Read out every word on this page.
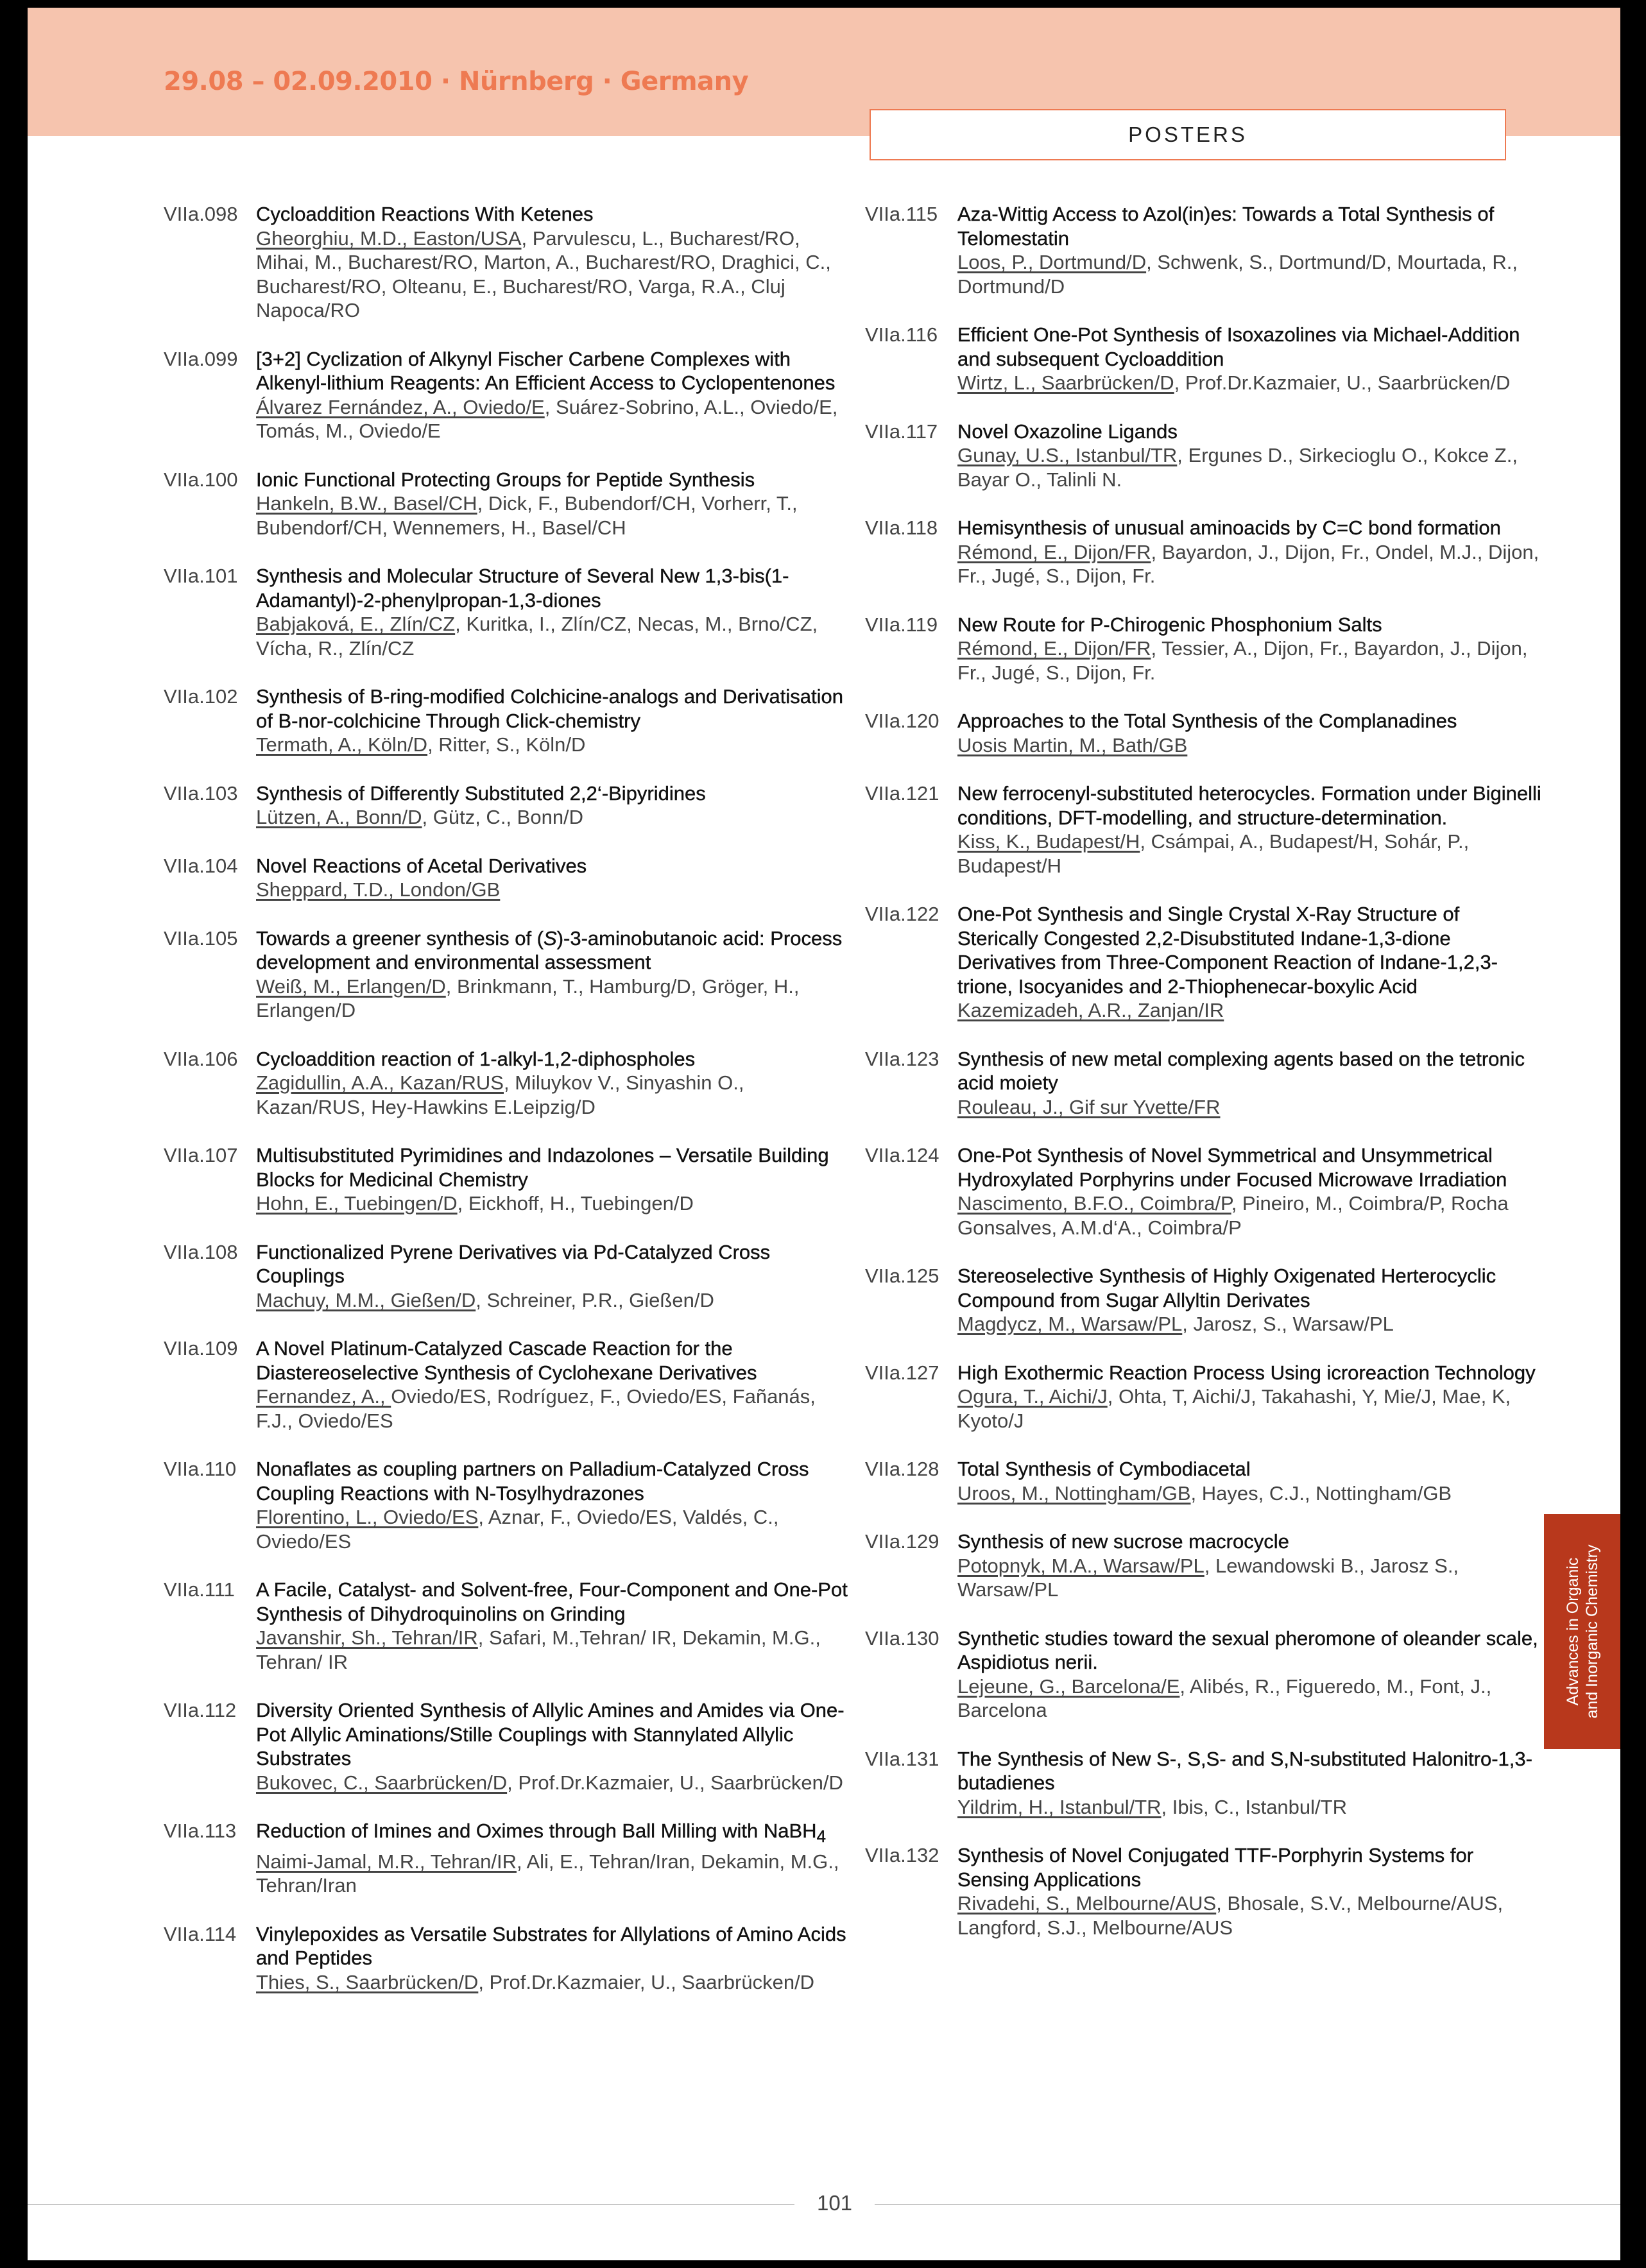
29.08 – 02.09.2010 · Nürnberg · Germany
POSTERS
VIIa.098 Cycloaddition Reactions With Ketenes
Gheorghiu, M.D., Easton/USA, Parvulescu, L., Bucharest/RO, Mihai, M., Bucharest/RO, Marton, A., Bucharest/RO, Draghici, C., Bucharest/RO, Olteanu, E., Bucharest/RO, Varga, R.A., Cluj Napoca/RO
VIIa.099 [3+2] Cyclization of Alkynyl Fischer Carbene Complexes with Alkenyl-lithium Reagents: An Efficient Access to Cyclopentenones
Álvarez Fernández, A., Oviedo/E, Suárez-Sobrino, A.L., Oviedo/E, Tomás, M., Oviedo/E
VIIa.100 Ionic Functional Protecting Groups for Peptide Synthesis
Hankeln, B.W., Basel/CH, Dick, F., Bubendorf/CH, Vorherr, T., Bubendorf/CH, Wennemers, H., Basel/CH
VIIa.101 Synthesis and Molecular Structure of Several New 1,3-bis(1-Adamantyl)-2-phenylpropan-1,3-diones
Babjaková, E., Zlín/CZ, Kuritka, I., Zlín/CZ, Necas, M., Brno/CZ, Vícha, R., Zlín/CZ
VIIa.102 Synthesis of B-ring-modified Colchicine-analogs and Derivatisation of B-nor-colchicine Through Click-chemistry
Termath, A., Köln/D, Ritter, S., Köln/D
VIIa.103 Synthesis of Differently Substituted 2,2‘-Bipyridines
Lützen, A., Bonn/D, Gütz, C., Bonn/D
VIIa.104 Novel Reactions of Acetal Derivatives
Sheppard, T.D., London/GB
VIIa.105 Towards a greener synthesis of (S)-3-aminobutanoic acid: Process development and environmental assessment
Weiß, M., Erlangen/D, Brinkmann, T., Hamburg/D, Gröger, H., Erlangen/D
VIIa.106 Cycloaddition reaction of 1-alkyl-1,2-diphospholes
Zagidullin, A.A., Kazan/RUS, Miluykov V., Sinyashin O., Kazan/RUS, Hey-Hawkins E.Leipzig/D
VIIa.107 Multisubstituted Pyrimidines and Indazolones – Versatile Building Blocks for Medicinal Chemistry
Hohn, E., Tuebingen/D, Eickhoff, H., Tuebingen/D
VIIa.108 Functionalized Pyrene Derivatives via Pd-Catalyzed Cross Couplings
Machuy, M.M., Gießen/D, Schreiner, P.R., Gießen/D
VIIa.109 A Novel Platinum-Catalyzed Cascade Reaction for the Diastereoselective Synthesis of Cyclohexane Derivatives
Fernandez, A., Oviedo/ES, Rodríguez, F., Oviedo/ES, Fañanás, F.J., Oviedo/ES
VIIa.110 Nonaflates as coupling partners on Palladium-Catalyzed Cross Coupling Reactions with N-Tosylhydrazones
Florentino, L., Oviedo/ES, Aznar, F., Oviedo/ES, Valdés, C., Oviedo/ES
VIIa.111	A Facile, Catalyst- and Solvent-free, Four-Component and One-Pot Synthesis of Dihydroquinolins on Grinding
Javanshir, Sh., Tehran/IR, Safari, M.,Tehran/ IR, Dekamin, M.G., Tehran/ IR
VIIa.112 Diversity Oriented Synthesis of Allylic Amines and Amides via One-Pot Allylic Aminations/Stille Couplings with Stannylated Allylic Substrates
Bukovec, C., Saarbrücken/D, Prof.Dr.Kazmaier, U., Saarbrücken/D
VIIa.113 Reduction of Imines and Oximes through Ball Milling with NaBH$_4$
Naimi-Jamal, M.R., Tehran/IR, Ali, E., Tehran/Iran, Dekamin, M.G., Tehran/Iran
VIIa.114 Vinylepoxides as Versatile Substrates for Allylations of Amino Acids and Peptides
Thies, S., Saarbrücken/D, Prof.Dr.Kazmaier, U., Saarbrücken/D
VIIa.115 Aza-Wittig Access to Azol(in)es: Towards a Total Synthesis of Telomestatin
Loos, P., Dortmund/D, Schwenk, S., Dortmund/D, Mourtada, R., Dortmund/D
VIIa.116 Efficient One-Pot Synthesis of Isoxazolines via Michael-Addition and subsequent Cycloaddition
Wirtz, L., Saarbrücken/D, Prof.Dr.Kazmaier, U., Saarbrücken/D
VIIa.117 Novel Oxazoline Ligands
Gunay, U.S., Istanbul/TR, Ergunes D., Sirkecioglu O., Kokce Z., Bayar O., Talinli N.
VIIa.118 Hemisynthesis of unusual aminoacids by C=C bond formation
Rémond, E., Dijon/FR, Bayardon, J., Dijon, Fr., Ondel, M.J., Dijon, Fr., Jugé, S., Dijon, Fr.
VIIa.119 New Route for P-Chirogenic Phosphonium Salts
Rémond, E., Dijon/FR, Tessier, A., Dijon, Fr., Bayardon, J., Dijon, Fr., Jugé, S., Dijon, Fr.
VIIa.120 Approaches to the Total Synthesis of the Complanadines
Uosis Martin, M., Bath/GB
VIIa.121 New ferrocenyl-substituted heterocycles. Formation under Biginelli conditions, DFT-modelling, and structure-determination.
Kiss, K., Budapest/H, Csámpai, A., Budapest/H, Sohár, P., Budapest/H
VIIa.122 One-Pot Synthesis and Single Crystal X-Ray Structure of Sterically Congested 2,2-Disubstituted Indane-1,3-dione Derivatives from Three-Component Reaction of Indane-1,2,3-trione, Isocyanides and 2-Thiophenecar-boxylic Acid
Kazemizadeh, A.R., Zanjan/IR
VIIa.123 Synthesis of new metal complexing agents based on the tetronic acid moiety
Rouleau, J., Gif sur Yvette/FR
VIIa.124 One-Pot Synthesis of Novel Symmetrical and Unsymmetrical Hydroxylated Porphyrins under Focused Microwave Irradiation
Nascimento, B.F.O., Coimbra/P, Pineiro, M., Coimbra/P, Rocha Gonsalves, A.M.d‘A., Coimbra/P
VIIa.125 Stereoselective Synthesis of Highly Oxigenated Herterocyclic Compound from Sugar Allyltin Derivates
Magdycz, M., Warsaw/PL, Jarosz, S., Warsaw/PL
VIIa.127 High Exothermic Reaction Process Using icroreaction Technology
Ogura, T., Aichi/J, Ohta, T, Aichi/J, Takahashi, Y, Mie/J, Mae, K, Kyoto/J
VIIa.128 Total Synthesis of Cymbodiacetal
Uroos, M., Nottingham/GB, Hayes, C.J., Nottingham/GB
VIIa.129 Synthesis of new sucrose macrocycle
Potopnyk, M.A., Warsaw/PL, Lewandowski B., Jarosz S., Warsaw/PL
VIIa.130 Synthetic studies toward the sexual pheromone of oleander scale, Aspidiotus nerii.
Lejeune, G., Barcelona/E, Alibés, R., Figueredo, M., Font, J., Barcelona
VIIa.131 The Synthesis of New S-, S,S- and S,N-substituted Halonitro-1,3-butadienes
Yildrim, H., Istanbul/TR, Ibis, C., Istanbul/TR
VIIa.132 Synthesis of Novel Conjugated TTF-Porphyrin Systems for Sensing Applications
Rivadehi, S., Melbourne/AUS, Bhosale, S.V., Melbourne/AUS, Langford, S.J., Melbourne/AUS
Advances in Organic and Inorganic Chemistry
101
